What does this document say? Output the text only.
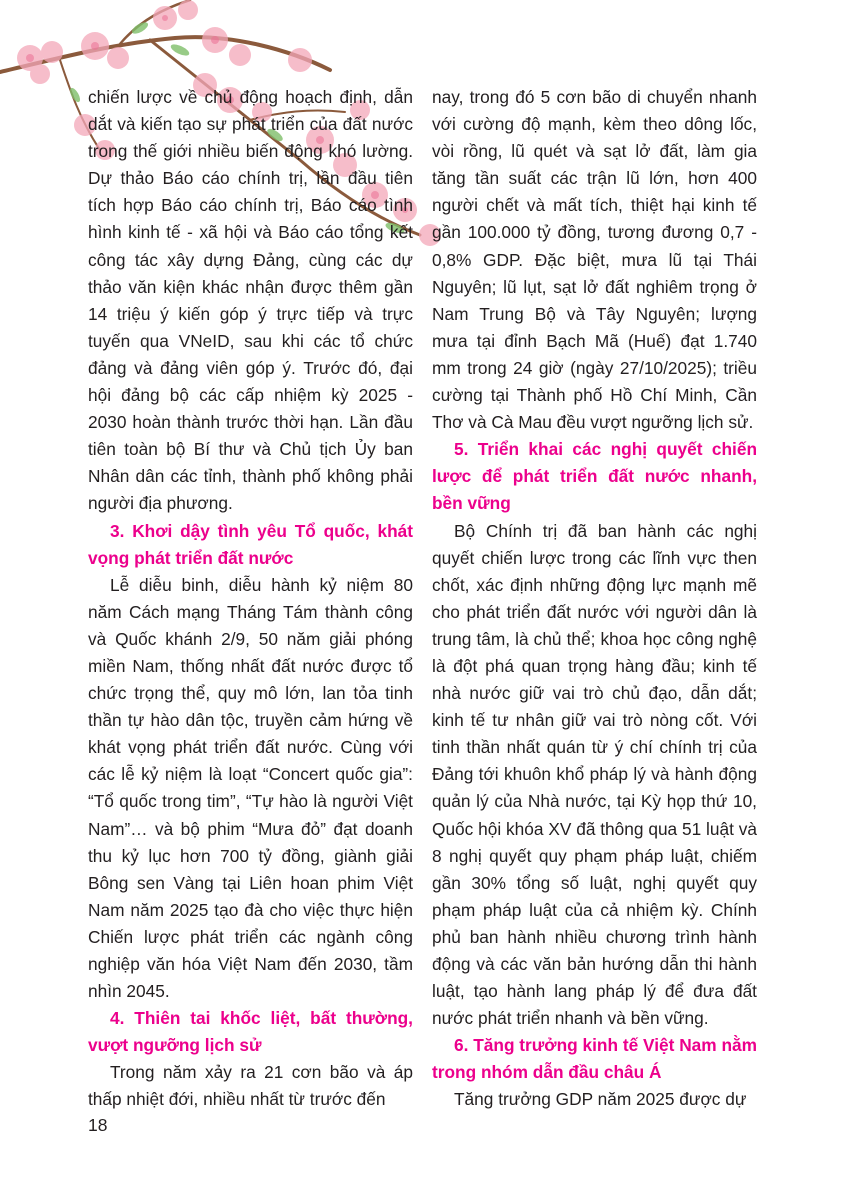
chiến lược về chủ động hoạch định, dẫn dắt và kiến tạo sự phát triển của đất nước trong thế giới nhiều biến động khó lường. Dự thảo Báo cáo chính trị, lần đầu tiên tích hợp Báo cáo chính trị, Báo cáo tình hình kinh tế - xã hội và Báo cáo tổng kết công tác xây dựng Đảng, cùng các dự thảo văn kiện khác nhận được thêm gần 14 triệu ý kiến góp ý trực tiếp và trực tuyến qua VNeID, sau khi các tổ chức đảng và đảng viên góp ý. Trước đó, đại hội đảng bộ các cấp nhiệm kỳ 2025 - 2030 hoàn thành trước thời hạn. Lần đầu tiên toàn bộ Bí thư và Chủ tịch Ủy ban Nhân dân các tỉnh, thành phố không phải người địa phương.

3. Khơi dậy tình yêu Tổ quốc, khát vọng phát triển đất nước

Lễ diễu binh, diễu hành kỷ niệm 80 năm Cách mạng Tháng Tám thành công và Quốc khánh 2/9, 50 năm giải phóng miền Nam, thống nhất đất nước được tổ chức trọng thể, quy mô lớn, lan tỏa tinh thần tự hào dân tộc, truyền cảm hứng về khát vọng phát triển đất nước. Cùng với các lễ kỷ niệm là loạt “Concert quốc gia”: “Tổ quốc trong tim”, “Tự hào là người Việt Nam”… và bộ phim “Mưa đỏ” đạt doanh thu kỷ lục hơn 700 tỷ đồng, giành giải Bông sen Vàng tại Liên hoan phim Việt Nam năm 2025 tạo đà cho việc thực hiện Chiến lược phát triển các ngành công nghiệp văn hóa Việt Nam đến 2030, tầm nhìn 2045.

4. Thiên tai khốc liệt, bất thường, vượt ngưỡng lịch sử

Trong năm xảy ra 21 cơn bão và áp thấp nhiệt đới, nhiều nhất từ trước đến

nay, trong đó 5 cơn bão di chuyển nhanh với cường độ mạnh, kèm theo dông lốc, vòi rồng, lũ quét và sạt lở đất, làm gia tăng tần suất các trận lũ lớn, hơn 400 người chết và mất tích, thiệt hại kinh tế gần 100.000 tỷ đồng, tương đương 0,7 - 0,8% GDP. Đặc biệt, mưa lũ tại Thái Nguyên; lũ lụt, sạt lở đất nghiêm trọng ở Nam Trung Bộ và Tây Nguyên; lượng mưa tại đỉnh Bạch Mã (Huế) đạt 1.740 mm trong 24 giờ (ngày 27/10/2025); triều cường tại Thành phố Hồ Chí Minh, Cần Thơ và Cà Mau đều vượt ngưỡng lịch sử.

5. Triển khai các nghị quyết chiến lược để phát triển đất nước nhanh, bền vững

Bộ Chính trị đã ban hành các nghị quyết chiến lược trong các lĩnh vực then chốt, xác định những động lực mạnh mẽ cho phát triển đất nước với người dân là trung tâm, là chủ thể; khoa học công nghệ là đột phá quan trọng hàng đầu; kinh tế nhà nước giữ vai trò chủ đạo, dẫn dắt; kinh tế tư nhân giữ vai trò nòng cốt. Với tinh thần nhất quán từ ý chí chính trị của Đảng tới khuôn khổ pháp lý và hành động quản lý của Nhà nước, tại Kỳ họp thứ 10, Quốc hội khóa XV đã thông qua 51 luật và 8 nghị quyết quy phạm pháp luật, chiếm gần 30% tổng số luật, nghị quyết quy phạm pháp luật của cả nhiệm kỳ. Chính phủ ban hành nhiều chương trình hành động và các văn bản hướng dẫn thi hành luật, tạo hành lang pháp lý để đưa đất nước phát triển nhanh và bền vững.

6. Tăng trưởng kinh tế Việt Nam nằm trong nhóm dẫn đầu châu Á

Tăng trưởng GDP năm 2025 được dự

18
